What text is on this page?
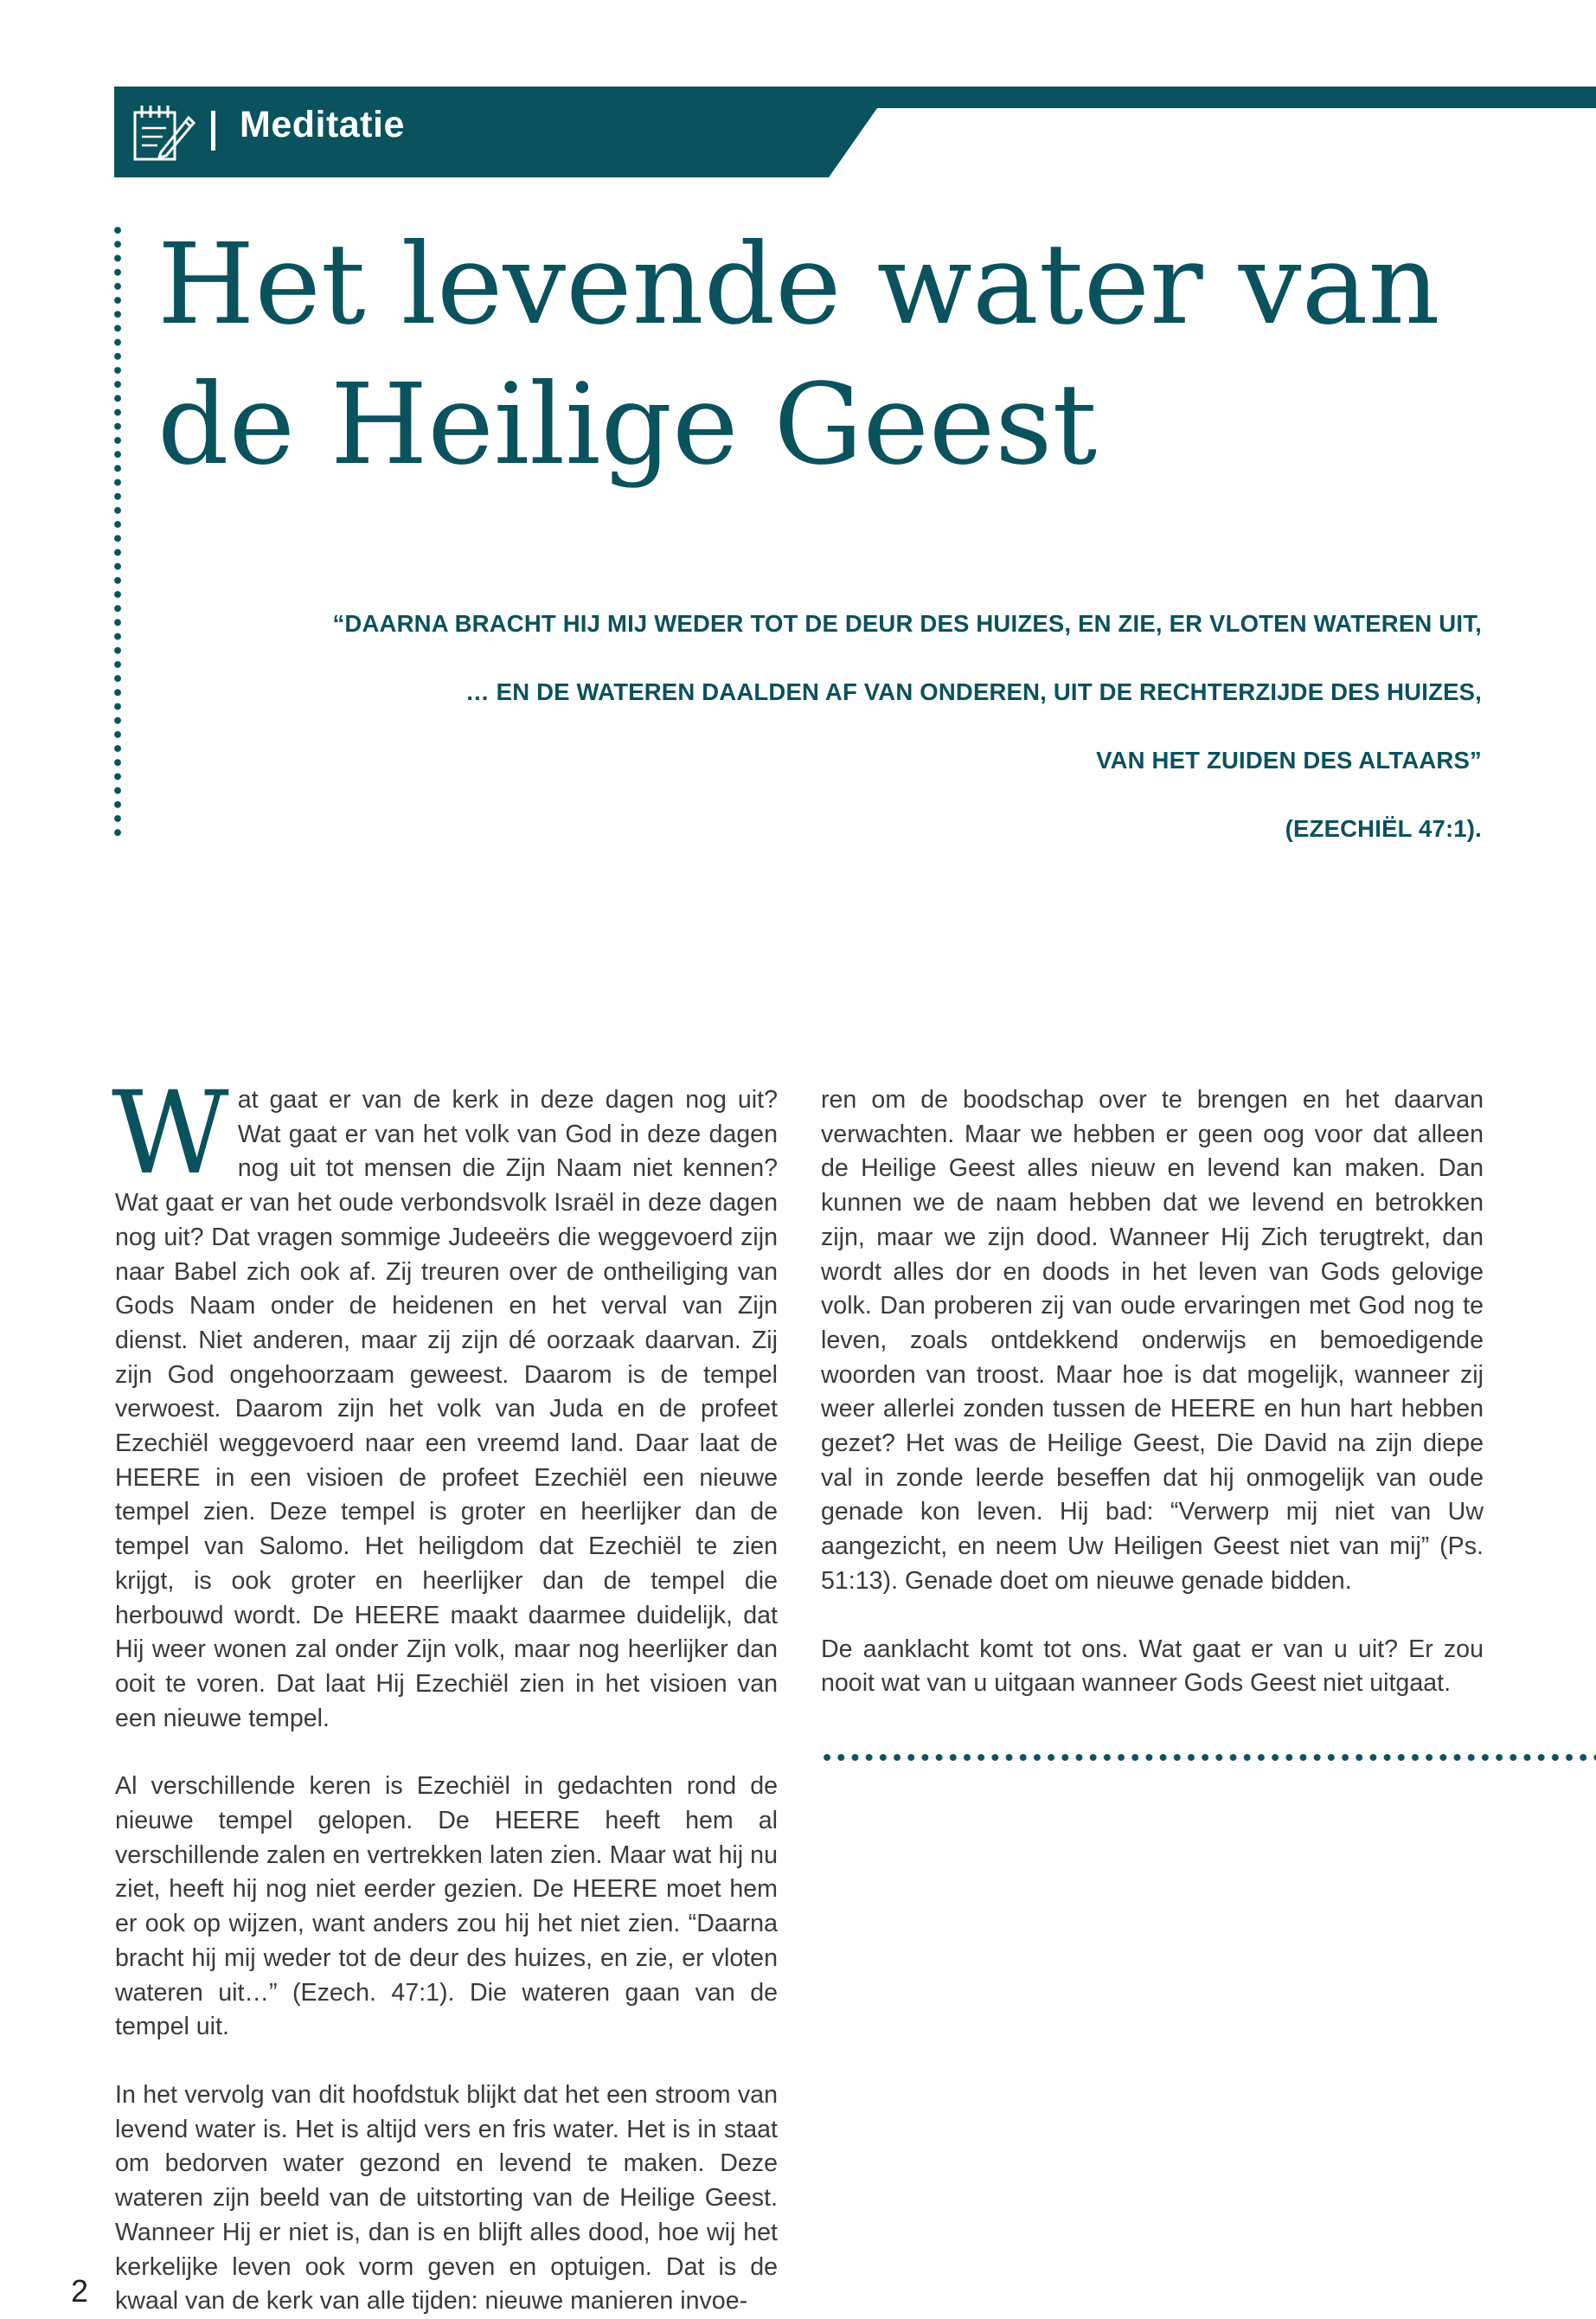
Meditatie
Het levende water van
de Heilige Geest
“DAARNA BRACHT HIJ MIJ WEDER TOT DE DEUR DES HUIZES, EN ZIE, ER VLOTEN WATEREN UIT,
… EN DE WATEREN DAALDEN AF VAN ONDEREN, UIT DE RECHTERZIJDE DES HUIZES,
VAN HET ZUIDEN DES ALTAARS”
(EZECHIËL 47:1).

Wat gaat er van de kerk in deze dagen nog uit? Wat gaat er van het volk van God in deze dagen nog uit tot mensen die Zijn Naam niet kennen? Wat gaat er van het oude verbondsvolk Israël in deze dagen nog uit? Dat vragen sommige Judeeërs die weggevoerd zijn naar Babel zich ook af. Zij treuren over de ontheiliging van Gods Naam onder de heidenen en het verval van Zijn dienst. Niet anderen, maar zij zijn dé oorzaak daarvan. Zij zijn God ongehoorzaam geweest. Daarom is de tempel verwoest. Daarom zijn het volk van Juda en de profeet Ezechiël weggevoerd naar een vreemd land. Daar laat de HEERE in een visioen de profeet Ezechiël een nieuwe tempel zien. Deze tempel is groter en heerlijker dan de tempel van Salomo. Het heiligdom dat Ezechiël te zien krijgt, is ook groter en heerlijker dan de tempel die herbouwd wordt. De HEERE maakt daarmee duidelijk, dat Hij weer wonen zal onder Zijn volk, maar nog heerlijker dan ooit te voren. Dat laat Hij Ezechiël zien in het visioen van een nieuwe tempel.

Al verschillende keren is Ezechiël in gedachten rond de nieuwe tempel gelopen. De HEERE heeft hem al verschillende zalen en vertrekken laten zien. Maar wat hij nu ziet, heeft hij nog niet eerder gezien. De HEERE moet hem er ook op wijzen, want anders zou hij het niet zien. “Daarna bracht hij mij weder tot de deur des huizes, en zie, er vloten wateren uit…” (Ezech. 47:1). Die wateren gaan van de tempel uit.

In het vervolg van dit hoofdstuk blijkt dat het een stroom van levend water is. Het is altijd vers en fris water. Het is in staat om bedorven water gezond en levend te maken. Deze wateren zijn beeld van de uitstorting van de Heilige Geest. Wanneer Hij er niet is, dan is en blijft alles dood, hoe wij het kerkelijke leven ook vorm geven en optuigen. Dat is de kwaal van de kerk van alle tijden: nieuwe manieren invoe-

ren om de boodschap over te brengen en het daarvan verwachten. Maar we hebben er geen oog voor dat alleen de Heilige Geest alles nieuw en levend kan maken. Dan kunnen we de naam hebben dat we levend en betrokken zijn, maar we zijn dood. Wanneer Hij Zich terugtrekt, dan wordt alles dor en doods in het leven van Gods gelovige volk. Dan proberen zij van oude ervaringen met God nog te leven, zoals ontdekkend onderwijs en bemoedigende woorden van troost. Maar hoe is dat mogelijk, wanneer zij weer allerlei zonden tussen de HEERE en hun hart hebben gezet? Het was de Heilige Geest, Die David na zijn diepe val in zonde leerde beseffen dat hij onmogelijk van oude genade kon leven. Hij bad: “Verwerp mij niet van Uw aangezicht, en neem Uw Heiligen Geest niet van mij” (Ps. 51:13). Genade doet om nieuwe genade bidden.

De aanklacht komt tot ons. Wat gaat er van u uit? Er zou nooit wat van u uitgaan wanneer Gods Geest niet uitgaat.

2
